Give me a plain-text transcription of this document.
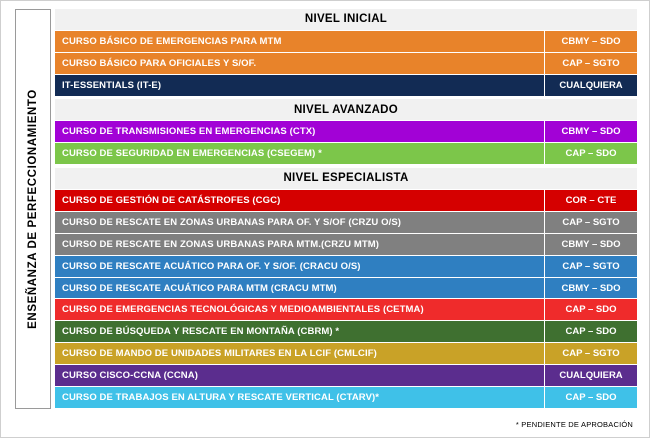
ENSEÑANZA DE PERFECCIONAMIENTO
NIVEL INICIAL
CURSO BÁSICO DE EMERGENCIAS PARA MTM	CBMY – SDO
CURSO BÁSICO PARA OFICIALES Y S/OF.	CAP – SGTO
IT-ESSENTIALS (IT-E)	CUALQUIERA
NIVEL AVANZADO
CURSO DE TRANSMISIONES EN EMERGENCIAS (CTX)	CBMY – SDO
CURSO DE SEGURIDAD EN EMERGENCIAS (CSEGEM) *	CAP – SDO
NIVEL ESPECIALISTA
CURSO DE GESTIÓN DE CATÁSTROFES (CGC)	COR – CTE
CURSO DE RESCATE EN ZONAS URBANAS PARA OF. Y S/OF (CRZU O/S)	CAP – SGTO
CURSO DE RESCATE EN ZONAS URBANAS PARA MTM.(CRZU MTM)	CBMY – SDO
CURSO DE RESCATE ACUÁTICO PARA OF. Y S/OF. (CRACU O/S)	CAP – SGTO
CURSO DE RESCATE ACUÁTICO PARA MTM (CRACU MTM)	CBMY – SDO
CURSO DE EMERGENCIAS TECNOLÓGICAS Y MEDIOAMBIENTALES (CETMA)	CAP – SDO
CURSO DE BÚSQUEDA Y RESCATE EN MONTAÑA (CBRM) *	CAP – SDO
CURSO DE MANDO DE UNIDADES MILITARES EN LA LCIF (CMLCIF)	CAP – SGTO
CURSO CISCO-CCNA (CCNA)	CUALQUIERA
CURSO DE TRABAJOS EN ALTURA Y RESCATE VERTICAL (CTARV)*	CAP – SDO
* PENDIENTE DE APROBACIÓN
